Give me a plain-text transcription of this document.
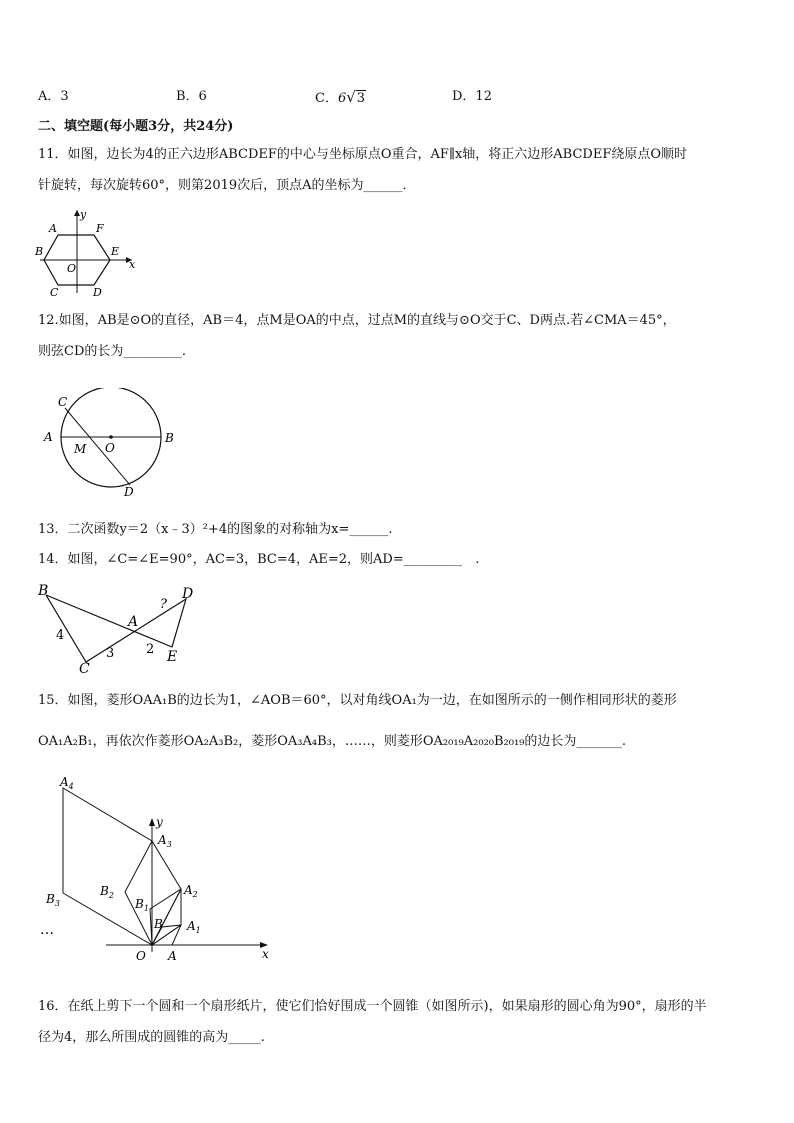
A．3	B．6	C．6√3	D．12
二、填空题(每小题3分，共24分)
11．如图，边长为4的正六边形ABCDEF的中心与坐标原点O重合，AF∥x轴，将正六边形ABCDEF绕原点O顺时
针旋转，每次旋转60°，则第2019次后，顶点A的坐标为______．
y
x
A	F
B	E
O
C	D
12.如图，AB是⊙O的直径，AB＝4，点M是OA的中点，过点M的直线与⊙O交于C、D两点.若∠CMA＝45°，
则弦CD的长为_________.
C
A
M O
B
D
13．二次函数y＝2（x﹣3）²+4的图象的对称轴为x=______.
14．如图，∠C=∠E=90°，AC=3，BC=4，AE=2，则AD=_________　.
B	D
?
A
4
3 2
C
E
15．如图，菱形OAA₁B的边长为1，∠AOB＝60°，以对角线OA₁为一边，在如图所示的一侧作相同形状的菱形
OA₁A₂B₁，再依次作菱形OA₂A₃B₂，菱形OA₃A₄B₃，……，则菱形OA₂₀₁₉A₂₀₂₀B₂₀₁₉的边长为_______.
$A_4$
y
$A_3$
$B_2$	$A_2$
$B_1$
$B_3$
B $A_1$
…
O A	x
16．在纸上剪下一个圆和一个扇形纸片，使它们恰好围成一个圆锥（如图所示)，如果扇形的圆心角为90°，扇形的半
径为4，那么所围成的圆锥的高为_____.
